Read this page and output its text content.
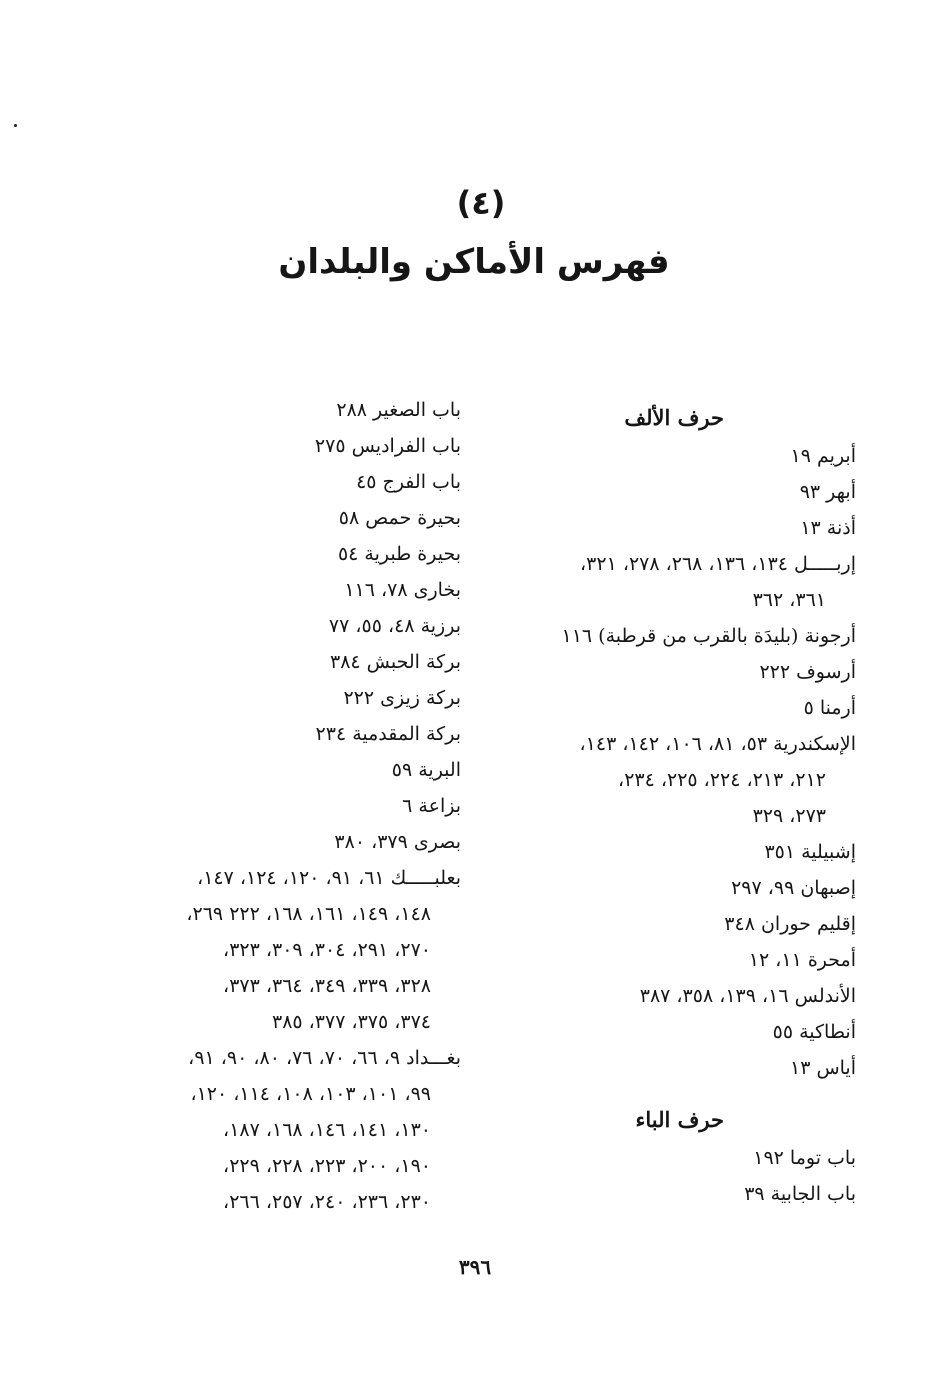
(٤)
فهرس الأماكن والبلدان
حرف الألف
أبريم ١٩
أبهر ٩٣
أذنة ١٣
إربـــــل ١٣٤، ١٣٦، ٢٦٨، ٢٧٨، ٣٢١،
٣٦١، ٣٦٢
أرجونة (بليدَة بالقرب من قرطبة) ١١٦
أرسوف ٢٢٢
أرمنا ٥
الإسكندرية ٥٣، ٨١، ١٠٦، ١٤٢، ١٤٣،
٢١٢، ٢١٣، ٢٢٤، ٢٢٥، ٢٣٤،
٢٧٣، ٣٢٩
إشبيلية ٣٥١
إصبهان ٩٩، ٢٩٧
إقليم حوران ٣٤٨
أمحرة ١١، ١٢
الأندلس ١٦، ١٣٩، ٣٥٨، ٣٨٧
أنطاكية ٥٥
أياس ١٣
حرف الباء
باب توما ١٩٢
باب الجابية ٣٩
باب الصغير ٢٨٨
باب الفراديس ٢٧٥
باب الفرج ٤٥
بحيرة حمص ٥٨
بحيرة طبرية ٥٤
بخارى ٧٨، ١١٦
برزية ٤٨، ٥٥، ٧٧
بركة الحبش ٣٨٤
بركة زيزى ٢٢٢
بركة المقدمية ٢٣٤
البرية ٥٩
بزاعة ٦
بصرى ٣٧٩، ٣٨٠
بعلبـــــك ٦١، ٩١، ١٢٠، ١٢٤، ١٤٧،
١٤٨، ١٤٩، ١٦١، ١٦٨، ٢٢٢ ٢٦٩،
٢٧٠، ٢٩١، ٣٠٤، ٣٠٩، ٣٢٣،
٣٢٨، ٣٣٩، ٣٤٩، ٣٦٤، ٣٧٣،
٣٧٤، ٣٧٥، ٣٧٧، ٣٨٥
بغـــداد ٩، ٦٦، ٧٠، ٧٦، ٨٠، ٩٠، ٩١،
٩٩، ١٠١، ١٠٣، ١٠٨، ١١٤، ١٢٠،
١٣٠، ١٤١، ١٤٦، ١٦٨، ١٨٧،
١٩٠، ٢٠٠، ٢٢٣، ٢٢٨، ٢٢٩،
٢٣٠، ٢٣٦، ٢٤٠، ٢٥٧، ٢٦٦،
٣٩٦
